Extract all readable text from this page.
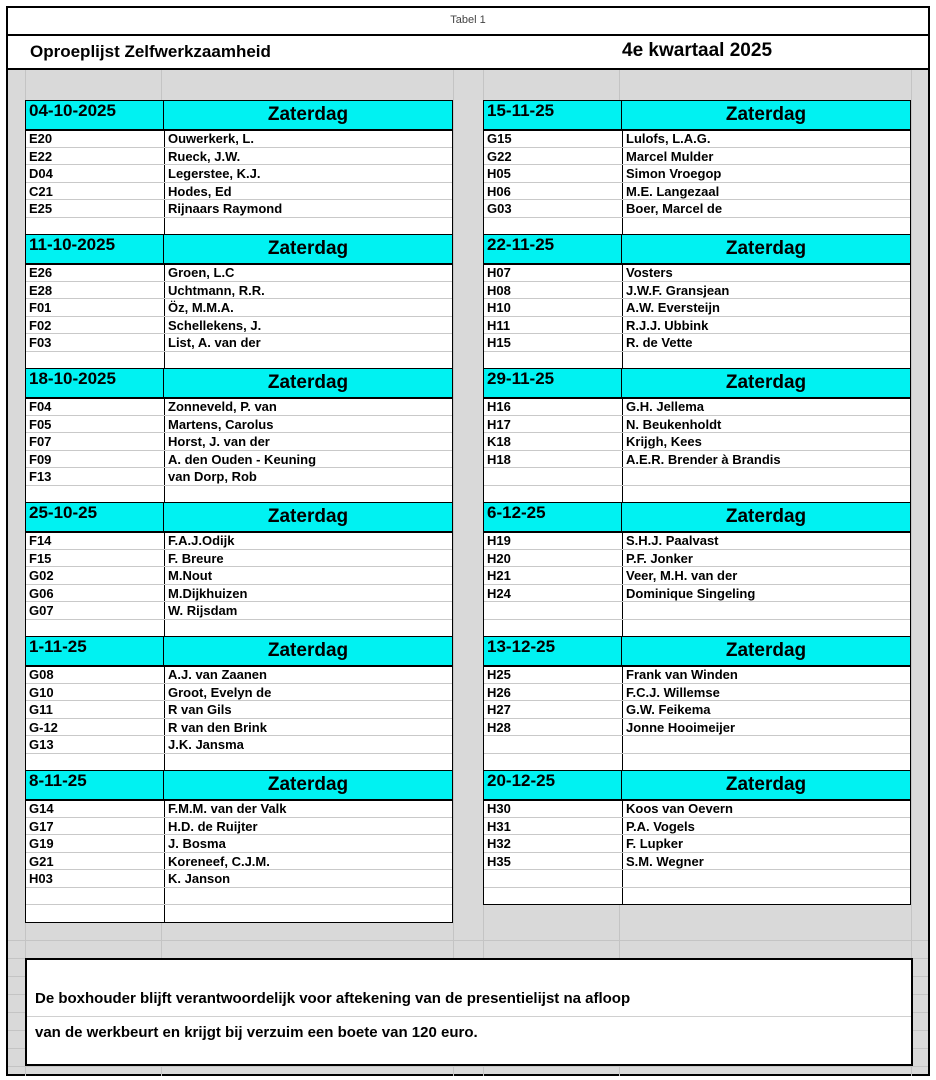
Tabel 1
Oproeplijst Zelfwerkzaamheid	4e kwartaal 2025
04-10-2025	Zaterdag
E20	Ouwerkerk, L.
E22	Rueck, J.W.
D04	Legerstee, K.J.
C21	Hodes, Ed
E25	Rijnaars Raymond
11-10-2025	Zaterdag
E26	Groen, L.C
E28	Uchtmann, R.R.
F01	Öz, M.M.A.
F02	Schellekens, J.
F03	List, A. van der
18-10-2025	Zaterdag
F04	Zonneveld, P. van
F05	Martens, Carolus
F07	Horst, J. van der
F09	A. den Ouden - Keuning
F13	van Dorp, Rob
25-10-25	Zaterdag
F14	F.A.J.Odijk
F15	F. Breure
G02	M.Nout
G06	M.Dijkhuizen
G07	W. Rijsdam
1-11-25	Zaterdag
G08	A.J. van Zaanen
G10	Groot, Evelyn de
G11	R van Gils
G-12	R van den Brink
G13	J.K. Jansma
8-11-25	Zaterdag
G14	F.M.M. van der Valk
G17	H.D. de Ruijter
G19	J. Bosma
G21	Koreneef, C.J.M.
H03	K. Janson
15-11-25	Zaterdag
G15	Lulofs, L.A.G.
G22	Marcel Mulder
H05	Simon Vroegop
H06	M.E. Langezaal
G03	Boer, Marcel de
22-11-25	Zaterdag
H07	Vosters
H08	J.W.F. Gransjean
H10	A.W. Eversteijn
H11	R.J.J. Ubbink
H15	R. de Vette
29-11-25	Zaterdag
H16	G.H. Jellema
H17	N. Beukenholdt
K18	Krijgh, Kees
H18	A.E.R. Brender à Brandis
6-12-25	Zaterdag
H19	S.H.J. Paalvast
H20	P.F. Jonker
H21	Veer, M.H. van der
H24	Dominique Singeling
13-12-25	Zaterdag
H25	Frank van Winden
H26	F.C.J. Willemse
H27	G.W. Feikema
H28	Jonne Hooimeijer
20-12-25	Zaterdag
H30	Koos van Oevern
H31	P.A. Vogels
H32	F. Lupker
H35	S.M. Wegner
De boxhouder blijft verantwoordelijk voor aftekening van de presentielijst na afloop
van de werkbeurt en krijgt bij verzuim een boete van 120 euro.
